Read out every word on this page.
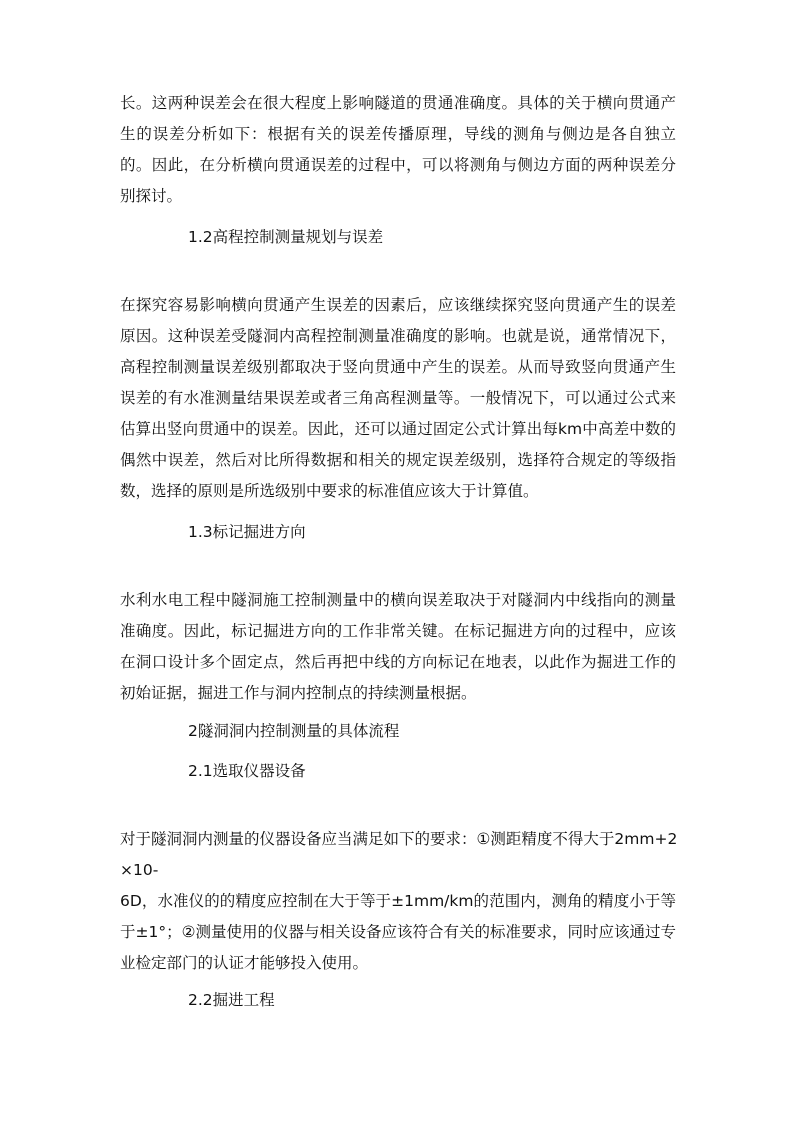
长。这两种误差会在很大程度上影响隧道的贯通准确度。具体的关于横向贯通产生的误差分析如下：根据有关的误差传播原理，导线的测角与侧边是各自独立的。因此，在分析横向贯通误差的过程中，可以将测角与侧边方面的两种误差分别探讨。

1.2高程控制测量规划与误差

在探究容易影响横向贯通产生误差的因素后，应该继续探究竖向贯通产生的误差原因。这种误差受隧洞内高程控制测量准确度的影响。也就是说，通常情况下，高程控制测量误差级别都取决于竖向贯通中产生的误差。从而导致竖向贯通产生误差的有水准测量结果误差或者三角高程测量等。一般情况下，可以通过公式来估算出竖向贯通中的误差。因此，还可以通过固定公式计算出每km中高差中数的偶然中误差，然后对比所得数据和相关的规定误差级别，选择符合规定的等级指数，选择的原则是所选级别中要求的标准值应该大于计算值。

1.3标记掘进方向

水利水电工程中隧洞施工控制测量中的横向误差取决于对隧洞内中线指向的测量准确度。因此，标记掘进方向的工作非常关键。在标记掘进方向的过程中，应该在洞口设计多个固定点，然后再把中线的方向标记在地表，以此作为掘进工作的初始证据，掘进工作与洞内控制点的持续测量根据。

2隧洞洞内控制测量的具体流程

2.1选取仪器设备

对于隧洞洞内测量的仪器设备应当满足如下的要求：①测距精度不得大于2mm+2

×10-

6D，水准仪的的精度应控制在大于等于±1mm/km的范围内，测角的精度小于等于±1°；②测量使用的仪器与相关设备应该符合有关的标准要求，同时应该通过专业检定部门的认证才能够投入使用。

2.2掘进工程
